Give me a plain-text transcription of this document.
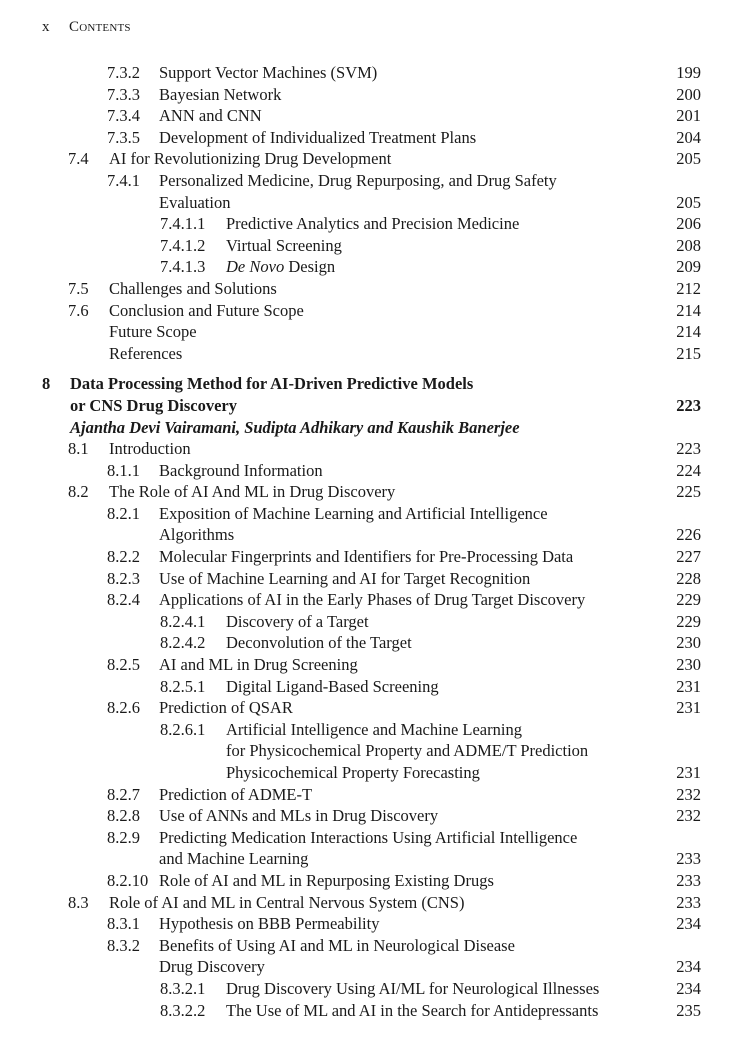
x Contents
7.3.2 Support Vector Machines (SVM)	199
7.3.3 Bayesian Network	200
7.3.4 ANN and CNN	201
7.3.5 Development of Individualized Treatment Plans	204
7.4 AI for Revolutionizing Drug Development	205
7.4.1 Personalized Medicine, Drug Repurposing, and Drug Safety
Evaluation	205
7.4.1.1 Predictive Analytics and Precision Medicine	206
7.4.1.2 Virtual Screening	208
7.4.1.3 De Novo Design	209
7.5 Challenges and Solutions	212
7.6 Conclusion and Future Scope	214
Future Scope	214
References	215
8 Data Processing Method for AI-Driven Predictive Models
or CNS Drug Discovery	223
Ajantha Devi Vairamani, Sudipta Adhikary and Kaushik Banerjee
8.1 Introduction	223
8.1.1 Background Information	224
8.2 The Role of AI And ML in Drug Discovery	225
8.2.1 Exposition of Machine Learning and Artificial Intelligence
Algorithms	226
8.2.2 Molecular Fingerprints and Identifiers for Pre-Processing Data	227
8.2.3 Use of Machine Learning and AI for Target Recognition	228
8.2.4 Applications of AI in the Early Phases of Drug Target Discovery	229
8.2.4.1 Discovery of a Target	229
8.2.4.2 Deconvolution of the Target	230
8.2.5 AI and ML in Drug Screening	230
8.2.5.1 Digital Ligand-Based Screening	231
8.2.6 Prediction of QSAR	231
8.2.6.1 Artificial Intelligence and Machine Learning
for Physicochemical Property and ADME/T Prediction
Physicochemical Property Forecasting	231
8.2.7 Prediction of ADME-T	232
8.2.8 Use of ANNs and MLs in Drug Discovery	232
8.2.9 Predicting Medication Interactions Using Artificial Intelligence
and Machine Learning	233
8.2.10 Role of AI and ML in Repurposing Existing Drugs	233
8.3 Role of AI and ML in Central Nervous System (CNS)	233
8.3.1 Hypothesis on BBB Permeability	234
8.3.2 Benefits of Using AI and ML in Neurological Disease
Drug Discovery	234
8.3.2.1 Drug Discovery Using AI/ML for Neurological Illnesses	234
8.3.2.2 The Use of ML and AI in the Search for Antidepressants	235
